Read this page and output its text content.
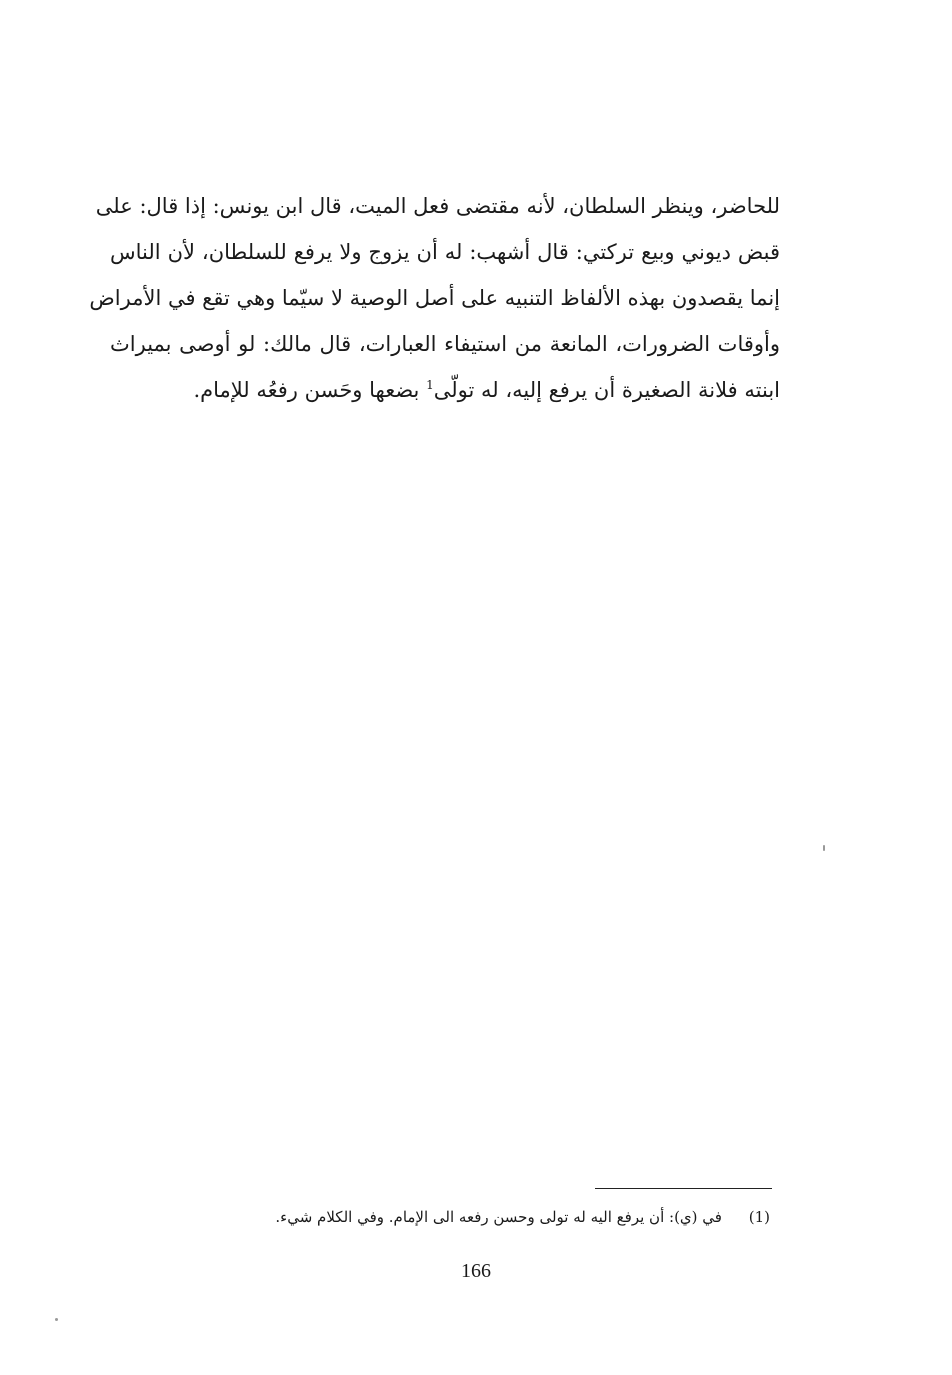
للحاضر، وينظر السلطان، لأنه مقتضى فعل الميت، قال ابن يونس: إذا قال: على
قبض ديوني وبيع تركتي: قال أشهب: له أن يزوج ولا يرفع للسلطان، لأن الناس
إنما يقصدون بهذه الألفاظ التنبيه على أصل الوصية لا سيّما وهي تقع في الأمراض
وأوقات الضرورات، المانعة من استيفاء العبارات، قال مالك: لو أوصى بميراث
ابنته فلانة الصغيرة أن يرفع إليه، له تولّى$^1$ بضعها وحَسن رفعُه للإمام.
(1) في (ي): أن يرفع اليه له تولى وحسن رفعه الى الإمام. وفي الكلام شيء.
166
